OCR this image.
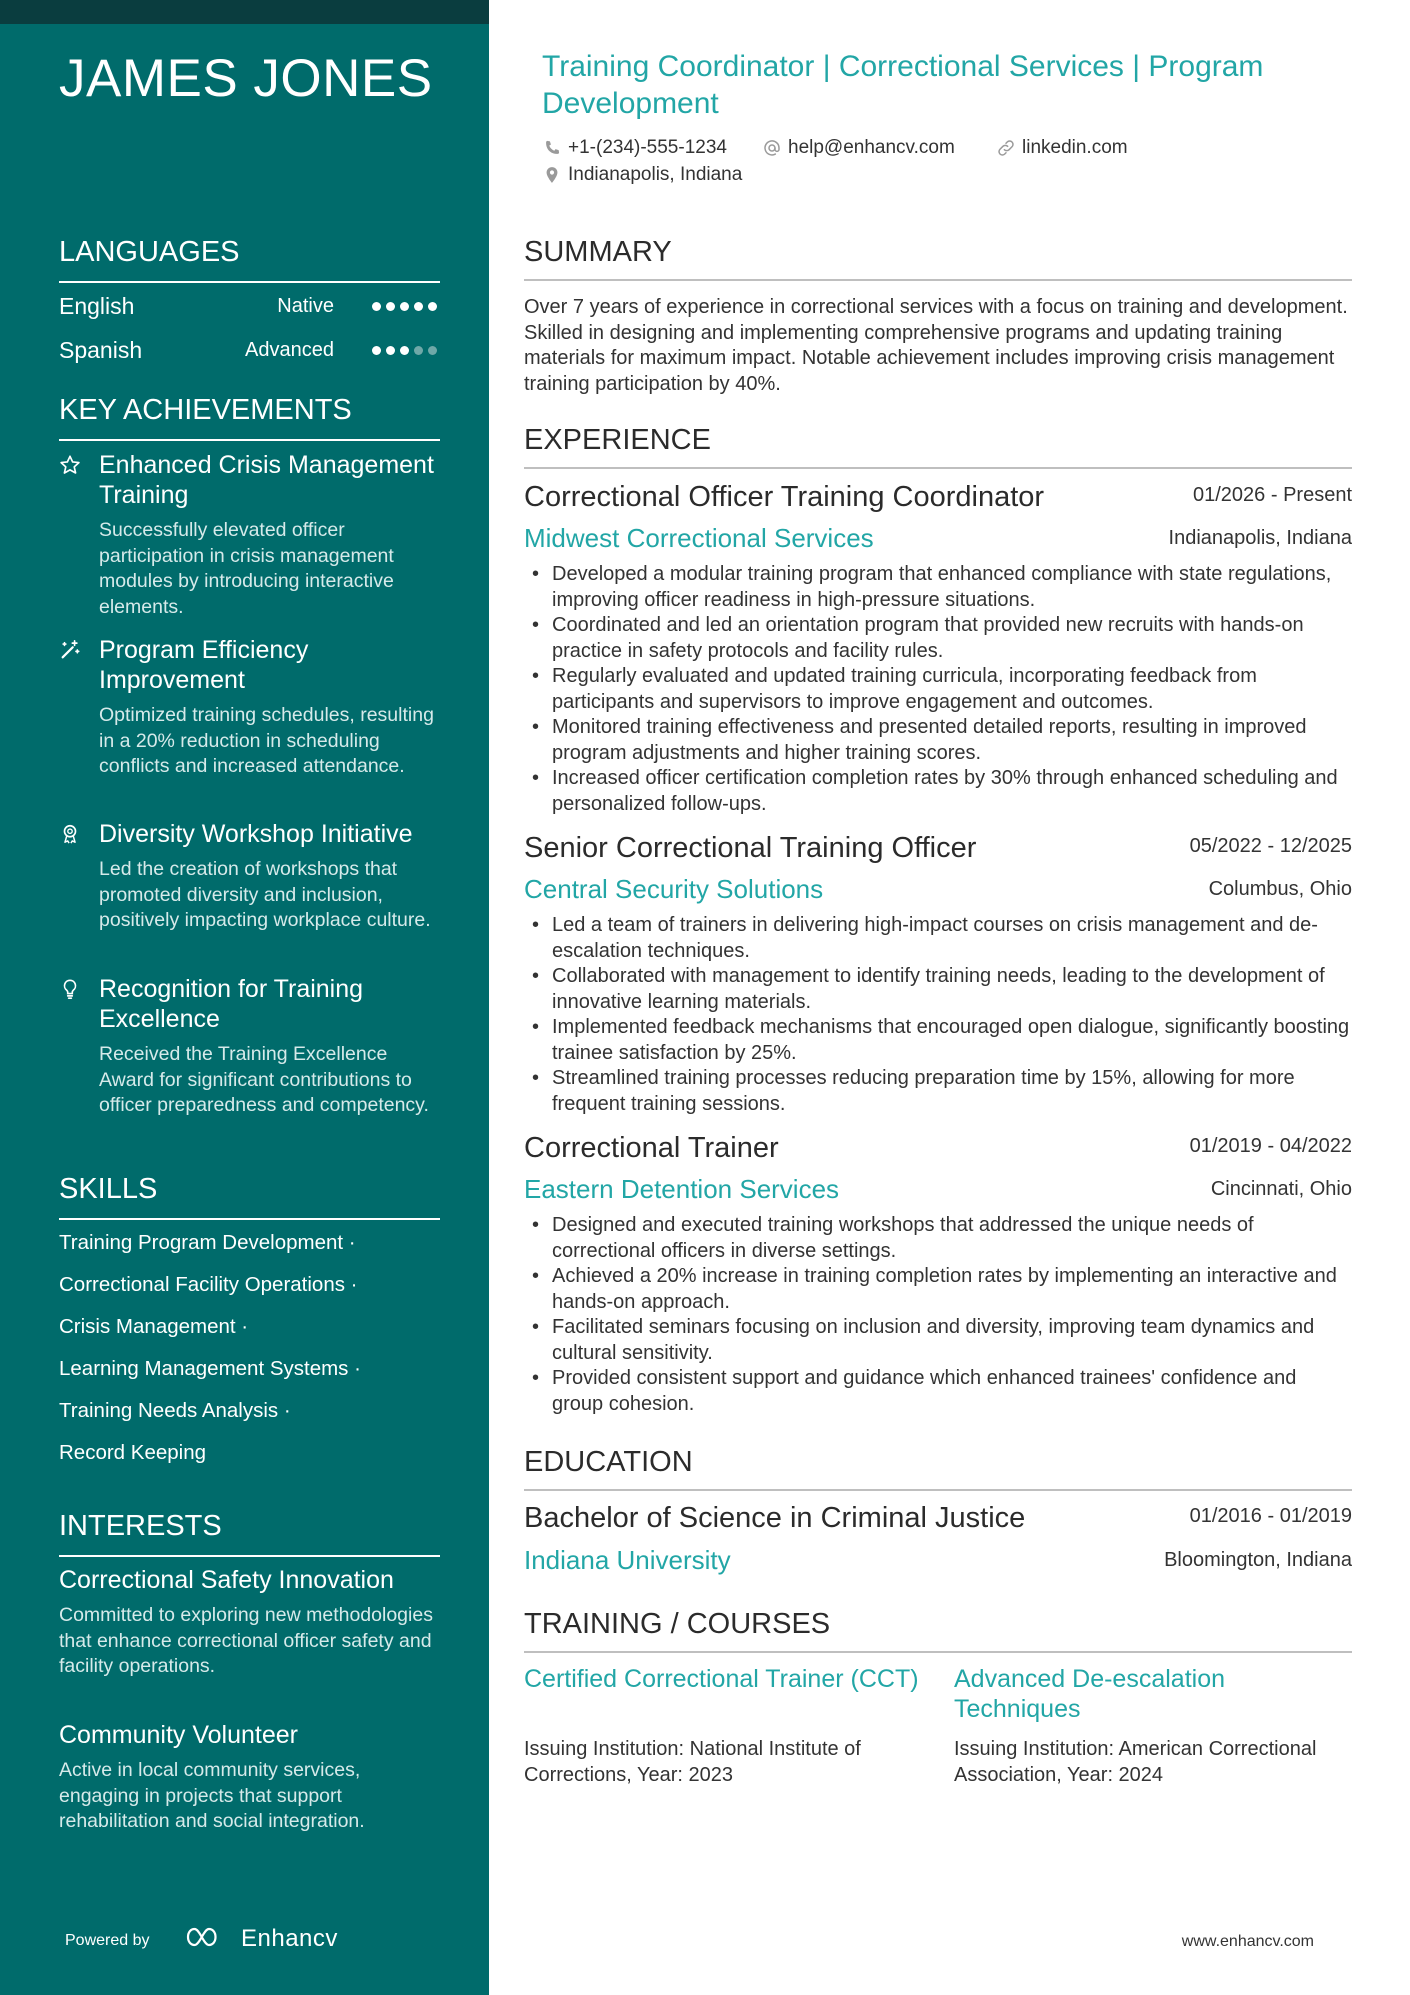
JAMES JONES
LANGUAGES
English	Native
Spanish	Advanced
KEY ACHIEVEMENTS
Enhanced Crisis Management Training
Successfully elevated officer participation in crisis management modules by introducing interactive elements.
Program Efficiency Improvement
Optimized training schedules, resulting in a 20% reduction in scheduling conflicts and increased attendance.
Diversity Workshop Initiative
Led the creation of workshops that promoted diversity and inclusion, positively impacting workplace culture.
Recognition for Training Excellence
Received the Training Excellence Award for significant contributions to officer preparedness and competency.
SKILLS
Training Program Development ·
Correctional Facility Operations ·
Crisis Management ·
Learning Management Systems ·
Training Needs Analysis ·
Record Keeping
INTERESTS
Correctional Safety Innovation
Committed to exploring new methodologies that enhance correctional officer safety and facility operations.
Community Volunteer
Active in local community services, engaging in projects that support rehabilitation and social integration.
Powered by	Enhancv
Training Coordinator | Correctional Services | Program Development
+1-(234)-555-1234	help@enhancv.com	linkedin.com
Indianapolis, Indiana
SUMMARY
Over 7 years of experience in correctional services with a focus on training and development. Skilled in designing and implementing comprehensive programs and updating training materials for maximum impact. Notable achievement includes improving crisis management training participation by 40%.
EXPERIENCE
Correctional Officer Training Coordinator	01/2026 - Present
Midwest Correctional Services	Indianapolis, Indiana
• Developed a modular training program that enhanced compliance with state regulations, improving officer readiness in high-pressure situations.
• Coordinated and led an orientation program that provided new recruits with hands-on practice in safety protocols and facility rules.
• Regularly evaluated and updated training curricula, incorporating feedback from participants and supervisors to improve engagement and outcomes.
• Monitored training effectiveness and presented detailed reports, resulting in improved program adjustments and higher training scores.
• Increased officer certification completion rates by 30% through enhanced scheduling and personalized follow-ups.
Senior Correctional Training Officer	05/2022 - 12/2025
Central Security Solutions	Columbus, Ohio
• Led a team of trainers in delivering high-impact courses on crisis management and de-escalation techniques.
• Collaborated with management to identify training needs, leading to the development of innovative learning materials.
• Implemented feedback mechanisms that encouraged open dialogue, significantly boosting trainee satisfaction by 25%.
• Streamlined training processes reducing preparation time by 15%, allowing for more frequent training sessions.
Correctional Trainer	01/2019 - 04/2022
Eastern Detention Services	Cincinnati, Ohio
• Designed and executed training workshops that addressed the unique needs of correctional officers in diverse settings.
• Achieved a 20% increase in training completion rates by implementing an interactive and hands-on approach.
• Facilitated seminars focusing on inclusion and diversity, improving team dynamics and cultural sensitivity.
• Provided consistent support and guidance which enhanced trainees' confidence and group cohesion.
EDUCATION
Bachelor of Science in Criminal Justice	01/2016 - 01/2019
Indiana University	Bloomington, Indiana
TRAINING / COURSES
Certified Correctional Trainer (CCT)
Issuing Institution: National Institute of Corrections, Year: 2023
Advanced De-escalation Techniques
Issuing Institution: American Correctional Association, Year: 2024
www.enhancv.com
